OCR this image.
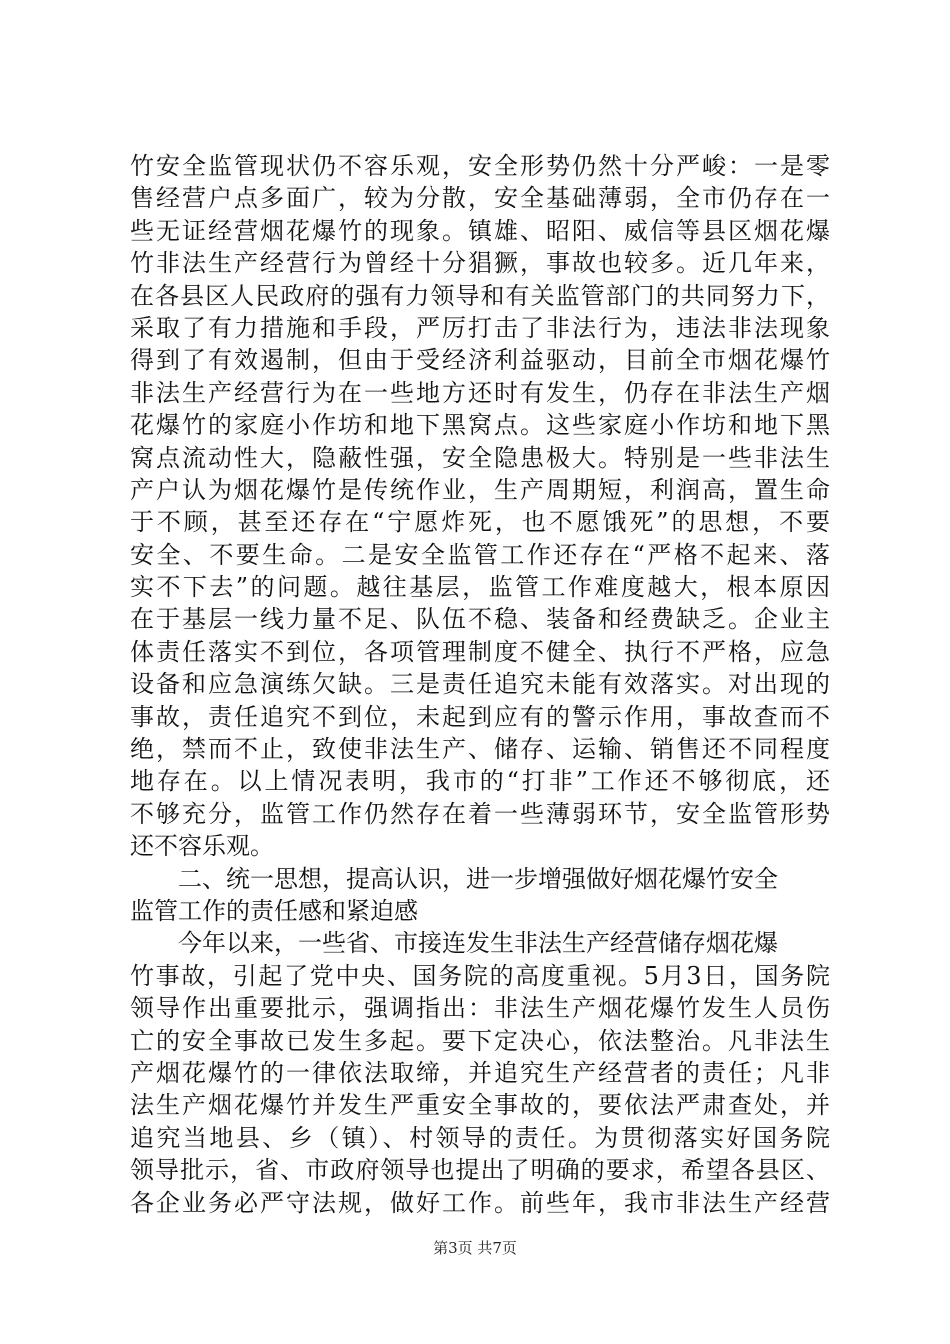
竹安全监管现状仍不容乐观，安全形势仍然十分严峻：一是零
售经营户点多面广，较为分散，安全基础薄弱，全市仍存在一
些无证经营烟花爆竹的现象。镇雄、昭阳、威信等县区烟花爆
竹非法生产经营行为曾经十分猖獗，事故也较多。近几年来，
在各县区人民政府的强有力领导和有关监管部门的共同努力下，
采取了有力措施和手段，严厉打击了非法行为，违法非法现象
得到了有效遏制，但由于受经济利益驱动，目前全市烟花爆竹
非法生产经营行为在一些地方还时有发生，仍存在非法生产烟
花爆竹的家庭小作坊和地下黑窝点。这些家庭小作坊和地下黑
窝点流动性大，隐蔽性强，安全隐患极大。特别是一些非法生
产户认为烟花爆竹是传统作业，生产周期短，利润高，置生命
于不顾，甚至还存在“宁愿炸死，也不愿饿死”的思想，不要
安全、不要生命。二是安全监管工作还存在“严格不起来、落
实不下去”的问题。越往基层，监管工作难度越大，根本原因
在于基层一线力量不足、队伍不稳、装备和经费缺乏。企业主
体责任落实不到位，各项管理制度不健全、执行不严格，应急
设备和应急演练欠缺。三是责任追究未能有效落实。对出现的
事故，责任追究不到位，未起到应有的警示作用，事故查而不
绝，禁而不止，致使非法生产、储存、运输、销售还不同程度
地存在。以上情况表明，我市的“打非”工作还不够彻底，还
不够充分，监管工作仍然存在着一些薄弱环节，安全监管形势
还不容乐观。
二、统一思想，提高认识，进一步增强做好烟花爆竹安全
监管工作的责任感和紧迫感
今年以来，一些省、市接连发生非法生产经营储存烟花爆
竹事故，引起了党中央、国务院的高度重视。5月3日，国务院
领导作出重要批示，强调指出：非法生产烟花爆竹发生人员伤
亡的安全事故已发生多起。要下定决心，依法整治。凡非法生
产烟花爆竹的一律依法取缔，并追究生产经营者的责任；凡非
法生产烟花爆竹并发生严重安全事故的，要依法严肃查处，并
追究当地县、乡（镇）、村领导的责任。为贯彻落实好国务院
领导批示，省、市政府领导也提出了明确的要求，希望各县区、
各企业务必严守法规，做好工作。前些年，我市非法生产经营
第3页 共7页
